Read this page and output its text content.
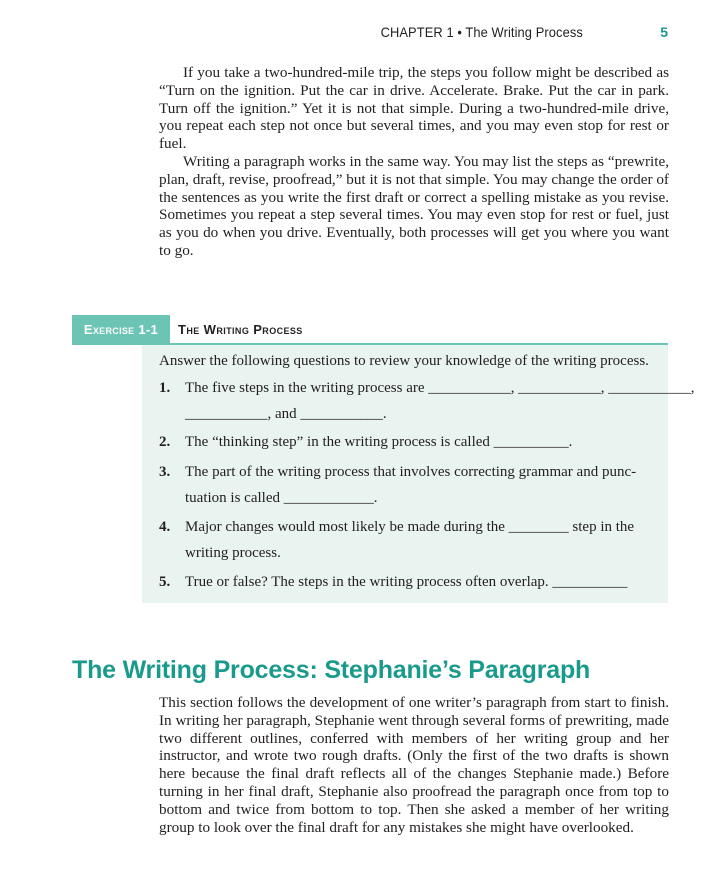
CHAPTER 1 • The Writing Process	5

If you take a two-hundred-mile trip, the steps you follow might be described as “Turn on the ignition. Put the car in drive. Accelerate. Brake. Put the car in park. Turn off the ignition.” Yet it is not that simple. During a two-hundred-mile drive, you repeat each step not once but several times, and you may even stop for rest or fuel.

Writing a paragraph works in the same way. You may list the steps as “prewrite, plan, draft, revise, proofread,” but it is not that simple. You may change the order of the sentences as you write the first draft or correct a spelling mistake as you revise. Sometimes you repeat a step several times. You may even stop for rest or fuel, just as you do when you drive. Eventually, both processes will get you where you want to go.

Exercise 1-1	The Writing Process
Answer the following questions to review your knowledge of the writing process.
1. The five steps in the writing process are ___________, ___________, ___________,
___________, and ___________.
2. The “thinking step” in the writing process is called __________.
3. The part of the writing process that involves correcting grammar and punc-
tuation is called ____________.
4. Major changes would most likely be made during the ________ step in the
writing process.
5. True or false? The steps in the writing process often overlap. __________
The Writing Process: Stephanie’s Paragraph

This section follows the development of one writer’s paragraph from start to finish. In writing her paragraph, Stephanie went through several forms of prewriting, made two different outlines, conferred with members of her writing group and her instructor, and wrote two rough drafts. (Only the first of the two drafts is shown here because the final draft reflects all of the changes Stephanie made.) Before turning in her final draft, Stephanie also proofread the paragraph once from top to bottom and twice from bottom to top. Then she asked a member of her writing group to look over the final draft for any mistakes she might have overlooked.
